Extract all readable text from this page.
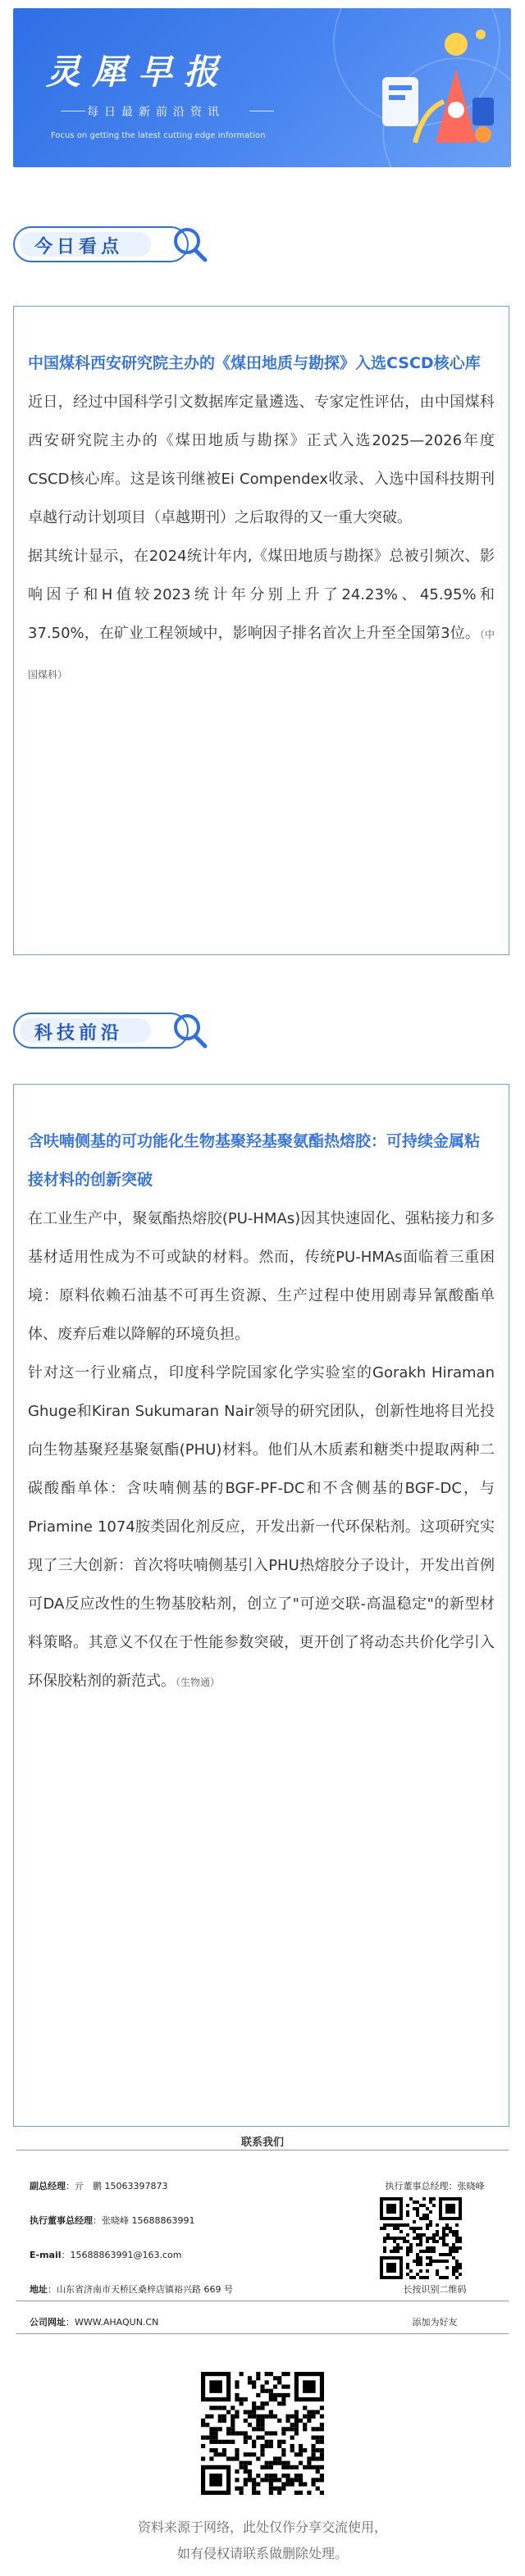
灵犀早报
每日最新前沿资讯
Focus on getting the latest cutting edge information
今日看点
中国煤科西安研究院主办的《煤田地质与勘探》入选CSCD核心库

近日，经过中国科学引文数据库定量遴选、专家定性评估，由中国煤科西安研究院主办的《煤田地质与勘探》正式入选2025—2026年度CSCD核心库。这是该刊继被Ei Compendex收录、入选中国科技期刊卓越行动计划项目（卓越期刊）之后取得的又一重大突破。

据其统计显示，在2024统计年内,《煤田地质与勘探》总被引频次、影响因子和H值较2023统计年分别上升了24.23%、45.95%和37.50%，在矿业工程领域中，影响因子排名首次上升至全国第3位。（中国煤科）

科技前沿
含呋喃侧基的可功能化生物基聚羟基聚氨酯热熔胶：可持续金属粘接材料的创新突破

在工业生产中，聚氨酯热熔胶(PU-HMAs)因其快速固化、强粘接力和多基材适用性成为不可或缺的材料。然而，传统PU-HMAs面临着三重困境：原料依赖石油基不可再生资源、生产过程中使用剧毒异氰酸酯单体、废弃后难以降解的环境负担。

针对这一行业痛点，印度科学院国家化学实验室的Gorakh Hiraman Ghuge和Kiran Sukumaran Nair领导的研究团队，创新性地将目光投向生物基聚羟基聚氨酯(PHU)材料。他们从木质素和糖类中提取两种二碳酸酯单体：含呋喃侧基的BGF-PF-DC和不含侧基的BGF-DC，与Priamine 1074胺类固化剂反应，开发出新一代环保粘剂。这项研究实现了三大创新：首次将呋喃侧基引入PHU热熔胶分子设计，开发出首例可DA反应改性的生物基胶粘剂，创立了"可逆交联-高温稳定"的新型材料策略。其意义不仅在于性能参数突破，更开创了将动态共价化学引入环保胶粘剂的新范式。（生物通）

联系我们
副总经理：亓　鹏 15063397873
执行董事总经理：张晓峰 15688863991
E-mail：15688863991@163.com
地址：山东省济南市天桥区桑梓店镇裕兴路 669 号
公司网址：WWW.AHAQUN.CN
执行董事总经理：张晓峰
长按识别二维码
添加为好友
资料来源于网络，此处仅作分享交流使用，
如有侵权请联系做删除处理。
